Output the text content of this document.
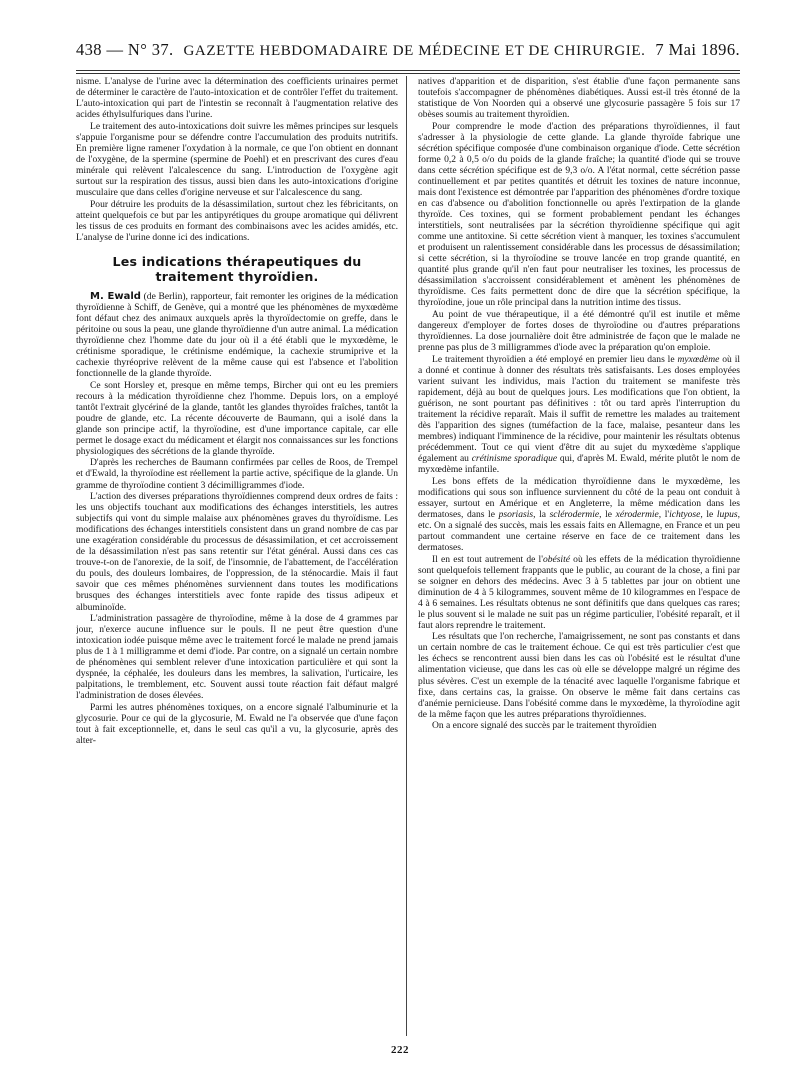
438 — N° 37. GAZETTE HEBDOMADAIRE DE MÉDECINE ET DE CHIRURGIE. 7 Mai 1896.

nisme. L'analyse de l'urine avec la détermination des coefficients urinaires permet de déterminer le caractère de l'auto-intoxication et de contrôler l'effet du traitement. L'auto-intoxication qui part de l'intestin se reconnaît à l'augmentation relative des acides éthylsulfuriques dans l'urine.

Le traitement des auto-intoxications doit suivre les mêmes principes sur lesquels s'appuie l'organisme pour se défendre contre l'accumulation des produits nutritifs. En première ligne ramener l'oxydation à la normale, ce que l'on obtient en donnant de l'oxygène, de la spermine (spermine de Poehl) et en prescrivant des cures d'eau minérale qui relèvent l'alcalescence du sang. L'introduction de l'oxygène agit surtout sur la respiration des tissus, aussi bien dans les auto-intoxications d'origine musculaire que dans celles d'origine nerveuse et sur l'alcalescence du sang.

Pour détruire les produits de la désassimilation, surtout chez les fébricitants, on atteint quelquefois ce but par les antipyrétiques du groupe aromatique qui délivrent les tissus de ces produits en formant des combinaisons avec les acides amidés, etc. L'analyse de l'urine donne ici des indications.

Les indications thérapeutiques du traitement thyroïdien.

M. Ewald (de Berlin), rapporteur, fait remonter les origines de la médication thyroïdienne à Schiff, de Genève, qui a montré que les phénomènes de myxœdème font défaut chez des animaux auxquels après la thyroïdectomie on greffe, dans le péritoine ou sous la peau, une glande thyroïdienne d'un autre animal. La médication thyroïdienne chez l'homme date du jour où il a été établi que le myxœdème, le crétinisme sporadique, le crétinisme endémique, la cachexie strumiprive et la cachexie thyréoprive relèvent de la même cause qui est l'absence et l'abolition fonctionnelle de la glande thyroïde.

Ce sont Horsley et, presque en même temps, Bircher qui ont eu les premiers recours à la médication thyroïdienne chez l'homme. Depuis lors, on a employé tantôt l'extrait glycériné de la glande, tantôt les glandes thyroïdes fraîches, tantôt la poudre de glande, etc. La récente découverte de Baumann, qui a isolé dans la glande son principe actif, la thyroïodine, est d'une importance capitale, car elle permet le dosage exact du médicament et élargit nos connaissances sur les fonctions physiologiques des sécrétions de la glande thyroïde.

D'après les recherches de Baumann confirmées par celles de Roos, de Trempel et d'Ewald, la thyroïodine est réellement la partie active, spécifique de la glande. Un gramme de thyroïodine contient 3 décimilligrammes d'iode.

L'action des diverses préparations thyroïdiennes comprend deux ordres de faits : les uns objectifs touchant aux modifications des échanges interstitiels, les autres subjectifs qui vont du simple malaise aux phénomènes graves du thyroïdisme. Les modifications des échanges interstitiels consistent dans un grand nombre de cas par une exagération considérable du processus de désassimilation, et cet accroissement de la désassimilation n'est pas sans retentir sur l'état général. Aussi dans ces cas trouve-t-on de l'anorexie, de la soif, de l'insomnie, de l'abattement, de l'accélération du pouls, des douleurs lombaires, de l'oppression, de la sténocardie. Mais il faut savoir que ces mêmes phénomènes surviennent dans toutes les modifications brusques des échanges interstitiels avec fonte rapide des tissus adipeux et albuminoïde.

L'administration passagère de thyroïodine, même à la dose de 4 grammes par jour, n'exerce aucune influence sur le pouls. Il ne peut être question d'une intoxication iodée puisque même avec le traitement forcé le malade ne prend jamais plus de 1 à 1 milligramme et demi d'iode. Par contre, on a signalé un certain nombre de phénomènes qui semblent relever d'une intoxication particulière et qui sont la dyspnée, la céphalée, les douleurs dans les membres, la salivation, l'urticaire, les palpitations, le tremblement, etc. Souvent aussi toute réaction fait défaut malgré l'administration de doses élevées.

Parmi les autres phénomènes toxiques, on a encore signalé l'albuminurie et la glycosurie. Pour ce qui de la glycosurie, M. Ewald ne l'a observée que d'une façon tout à fait exceptionnelle, et, dans le seul cas qu'il a vu, la glycosurie, après des alter-

natives d'apparition et de disparition, s'est établie d'une façon permanente sans toutefois s'accompagner de phénomènes diabétiques. Aussi est-il très étonné de la statistique de Von Noorden qui a observé une glycosurie passagère 5 fois sur 17 obèses soumis au traitement thyroïdien.

Pour comprendre le mode d'action des préparations thyroïdiennes, il faut s'adresser à la physiologie de cette glande. La glande thyroïde fabrique une sécrétion spécifique composée d'une combinaison organique d'iode. Cette sécrétion forme 0,2 à 0,5 o/o du poids de la glande fraîche; la quantité d'iode qui se trouve dans cette sécrétion spécifique est de 9,3 o/o. A l'état normal, cette sécrétion passe continuellement et par petites quantités et détruit les toxines de nature inconnue, mais dont l'existence est démontrée par l'apparition des phénomènes d'ordre toxique en cas d'absence ou d'abolition fonctionnelle ou après l'extirpation de la glande thyroïde. Ces toxines, qui se forment probablement pendant les échanges interstitiels, sont neutralisées par la sécrétion thyroïdienne spécifique qui agit comme une antitoxine. Si cette sécrétion vient à manquer, les toxines s'accumulent et produisent un ralentissement considérable dans les processus de désassimilation; si cette sécrétion, si la thyroïodine se trouve lancée en trop grande quantité, en quantité plus grande qu'il n'en faut pour neutraliser les toxines, les processus de désassimilation s'accroissent considérablement et amènent les phénomènes de thyroïdisme. Ces faits permettent donc de dire que la sécrétion spécifique, la thyroïodine, joue un rôle principal dans la nutrition intime des tissus.

Au point de vue thérapeutique, il a été démontré qu'il est inutile et même dangereux d'employer de fortes doses de thyroïodine ou d'autres préparations thyroïdiennes. La dose journalière doit être administrée de façon que le malade ne prenne pas plus de 3 milligrammes d'iode avec la préparation qu'on emploie.

Le traitement thyroïdien a été employé en premier lieu dans le myxœdème où il a donné et continue à donner des résultats très satisfaisants. Les doses employées varient suivant les individus, mais l'action du traitement se manifeste très rapidement, déjà au bout de quelques jours. Les modifications que l'on obtient, la guérison, ne sont pourtant pas définitives : tôt ou tard après l'interruption du traitement la récidive reparaît. Mais il suffit de remettre les malades au traitement dès l'apparition des signes (tuméfaction de la face, malaise, pesanteur dans les membres) indiquant l'imminence de la récidive, pour maintenir les résultats obtenus précédemment. Tout ce qui vient d'être dit au sujet du myxœdème s'applique également au crétinisme sporadique qui, d'après M. Ewald, mérite plutôt le nom de myxœdème infantile.

Les bons effets de la médication thyroïdienne dans le myxœdème, les modifications qui sous son influence surviennent du côté de la peau ont conduit à essayer, surtout en Amérique et en Angleterre, la même médication dans les dermatoses, dans le psoriasis, la sclérodermie, le xérodermie, l'ichtyose, le lupus, etc. On a signalé des succès, mais les essais faits en Allemagne, en France et un peu partout commandent une certaine réserve en face de ce traitement dans les dermatoses.

Il en est tout autrement de l'obésité où les effets de la médication thyroïdienne sont quelquefois tellement frappants que le public, au courant de la chose, a fini par se soigner en dehors des médecins. Avec 3 à 5 tablettes par jour on obtient une diminution de 4 à 5 kilogrammes, souvent même de 10 kilogrammes en l'espace de 4 à 6 semaines. Les résultats obtenus ne sont définitifs que dans quelques cas rares; le plus souvent si le malade ne suit pas un régime particulier, l'obésité reparaît, et il faut alors reprendre le traitement.

Les résultats que l'on recherche, l'amaigrissement, ne sont pas constants et dans un certain nombre de cas le traitement échoue. Ce qui est très particulier c'est que les échecs se rencontrent aussi bien dans les cas où l'obésité est le résultat d'une alimentation vicieuse, que dans les cas où elle se développe malgré un régime des plus sévères. C'est un exemple de la ténacité avec laquelle l'organisme fabrique et fixe, dans certains cas, la graisse. On observe le même fait dans certains cas d'anémie pernicieuse. Dans l'obésité comme dans le myxœdème, la thyroïodine agit de la même façon que les autres préparations thyroïdiennes.

On a encore signalé des succès par le traitement thyroïdien

222
